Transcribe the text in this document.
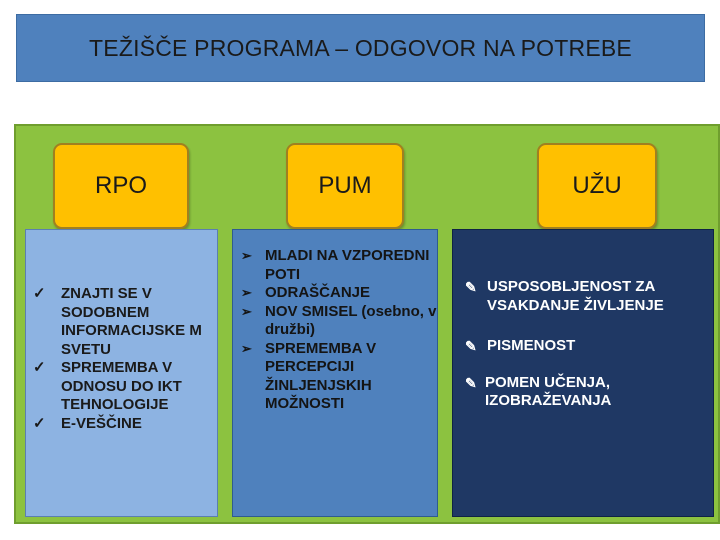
TEŽIŠČE PROGRAMA – ODGOVOR NA POTREBE
RPO	PUM	UŽU
✓	ZNAJTI SE V SODOBNEM INFORMACIJSKE M SVETU
✓	SPREMEMBA V ODNOSU DO IKT TEHNOLOGIJE
✓	E-VEŠČINE
➢ MLADI NA VZPOREDNI POTI
➢ ODRAŠČANJE
➢ NOV SMISEL (osebno, v družbi)
➢ SPREMEMBA V PERCEPCIJI ŽINLJENJSKIH MOŽNOSTI
✎ USPOSOBLJENOST ZA VSAKDANJE ŽIVLJENJE
✎ PISMENOST
✎ POMEN UČENJA, IZOBRAŽEVANJA
